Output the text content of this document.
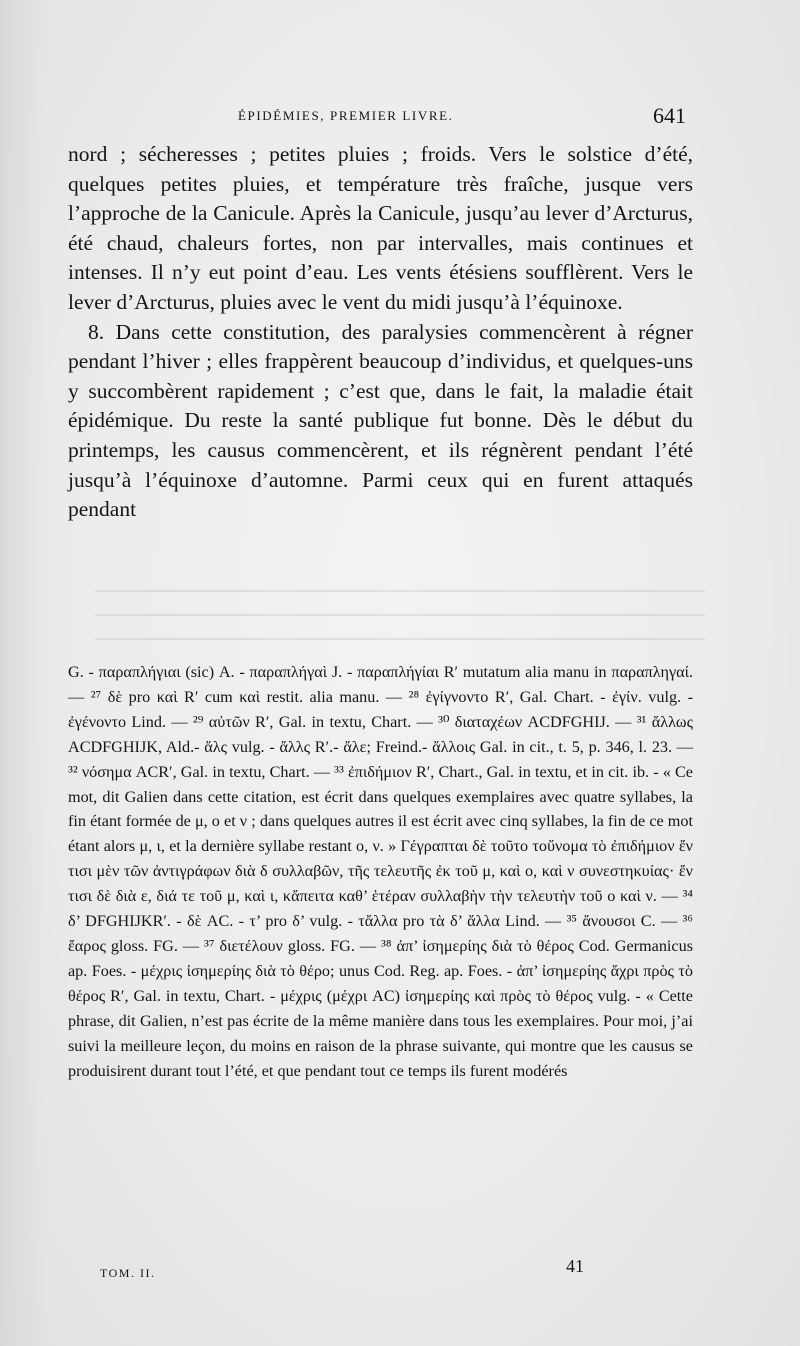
ÉPIDÉMIES, PREMIER LIVRE.	641

nord ; sécheresses ; petites pluies ; froids. Vers le solstice d’été, quelques petites pluies, et température très fraîche, jusque vers l’approche de la Canicule. Après la Canicule, jusqu’au lever d’Arcturus, été chaud, chaleurs fortes, non par intervalles, mais continues et intenses. Il n’y eut point d’eau. Les vents étésiens soufflèrent. Vers le lever d’Arcturus, pluies avec le vent du midi jusqu’à l’équinoxe.

8. Dans cette constitution, des paralysies commencèrent à régner pendant l’hiver ; elles frappèrent beaucoup d’individus, et quelques-uns y succombèrent rapidement ; c’est que, dans le fait, la maladie était épidémique. Du reste la santé publique fut bonne. Dès le début du printemps, les causus commencèrent, et ils régnèrent pendant l’été jusqu’à l’équinoxe d’automne. Parmi ceux qui en furent attaqués pendant

G. - παραπλήγιαι (sic) A. - παραπλήγαὶ J. - παραπλήγίαι R′ mutatum alia manu in παραπληγαί. — ²⁷ δὲ pro καὶ R′ cum καὶ restit. alia manu. — ²⁸ ἐγίγνοντο R′, Gal. Chart. - ἐγίν. vulg. - ἐγένοντο Lind. — ²⁹ αὐτῶν R′, Gal. in textu, Chart. — ³⁰ διαταχέων ACDFGHIJ. — ³¹ ἄλλως ACDFGHIJK, Ald.- ἄλς vulg. - ἄλλς R′.- ἄλε; Freind.- ἄλλοις Gal. in cit., t. 5, p. 346, l. 23. — ³² νόσημα ACR′, Gal. in textu, Chart. — ³³ ἐπιδήμιον R′, Chart., Gal. in textu, et in cit. ib. - « Ce mot, dit Galien dans cette citation, est écrit dans quelques exemplaires avec quatre syllabes, la fin étant formée de μ, o et ν ; dans quelques autres il est écrit avec cinq syllabes, la fin de ce mot étant alors μ, ι, et la dernière syllabe restant o, ν. » Γέγραπται δὲ τοῦτο τοὔνομα τὸ ἐπιδήμιον ἔν τισι μὲν τῶν ἀντιγράφων διὰ δ συλλαβῶν, τῆς τελευτῆς ἐκ τοῦ μ, καὶ ο, καὶ ν συνεστηκυίας· ἔν τισι δὲ διὰ ε, διά τε τοῦ μ, καὶ ι, κἄπειτα καθ’ ἑτέραν συλλαβὴν τὴν τελευτὴν τοῦ ο καὶ ν. — ³⁴ δ’ DFGHIJKR′. - δὲ AC. - τ’ pro δ’ vulg. - τἄλλα pro τὰ δ’ ἄλλα Lind. — ³⁵ ἄνουσοι C. — ³⁶ ἔαρος gloss. FG. — ³⁷ διετέλουν gloss. FG. — ³⁸ ἀπ’ ἰσημερίης διὰ τὸ θέρος Cod. Germanicus ap. Foes. - μέχρις ἰσημερίης διὰ τὸ θέρο; unus Cod. Reg. ap. Foes. - ἀπ’ ἰσημερίης ἄχρι πρὸς τὸ θέρος R′, Gal. in textu, Chart. - μέχρις (μέχρι AC) ἰσημερίης καὶ πρὸς τὸ θέρος vulg. - « Cette phrase, dit Galien, n’est pas écrite de la même manière dans tous les exemplaires. Pour moi, j’ai suivi la meilleure leçon, du moins en raison de la phrase suivante, qui montre que les causus se produisirent durant tout l’été, et que pendant tout ce temps ils furent modérés

TOM. II.	41
